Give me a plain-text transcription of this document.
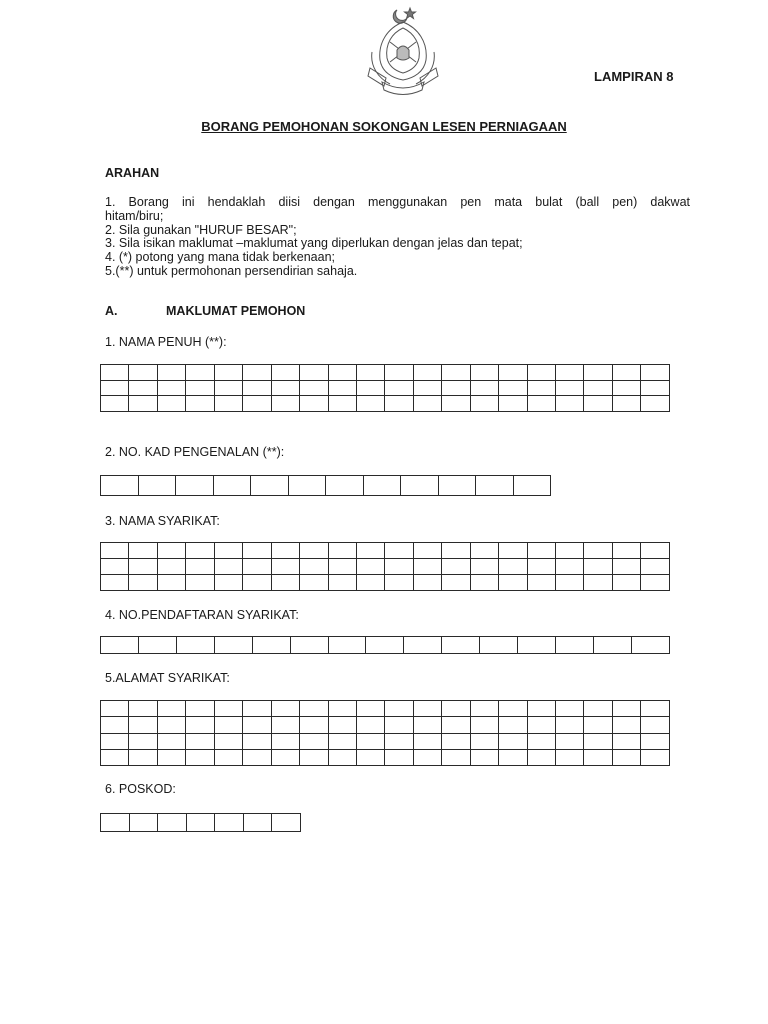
LAMPIRAN 8
BORANG PEMOHONAN SOKONGAN LESEN PERNIAGAAN
ARAHAN

1. Borang ini hendaklah diisi dengan menggunakan pen mata bulat (ball pen) dakwat

hitam/biru;

2. Sila gunakan "HURUF BESAR";

3. Sila isikan maklumat –maklumat yang diperlukan dengan jelas dan tepat;

4. (*) potong yang mana tidak berkenaan;

5.(**) untuk permohonan persendirian sahaja.

A.	MAKLUMAT PEMOHON
1. NAMA PENUH (**):

2. NO. KAD PENGENALAN (**):

3. NAMA SYARIKAT:

4. NO.PENDAFTARAN SYARIKAT:

5.ALAMAT SYARIKAT:

6. POSKOD:
